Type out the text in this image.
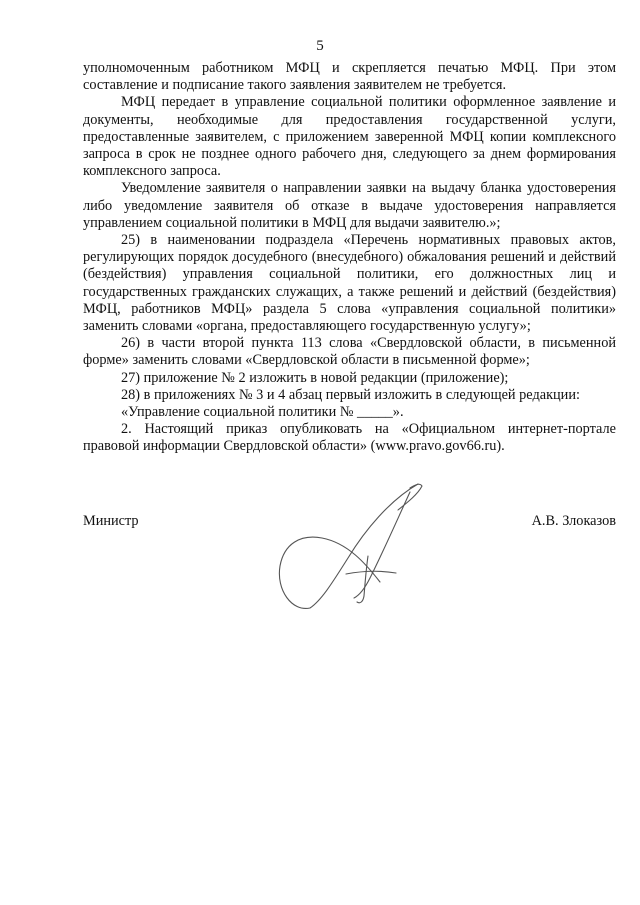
5

уполномоченным работником МФЦ и скрепляется печатью МФЦ. При этом составление и подписание такого заявления заявителем не требуется.

МФЦ передает в управление социальной политики оформленное заявление и документы, необходимые для предоставления государственной услуги, предоставленные заявителем, с приложением заверенной МФЦ копии комплексного запроса в срок не позднее одного рабочего дня, следующего за днем формирования комплексного запроса.

Уведомление заявителя о направлении заявки на выдачу бланка удостоверения либо уведомление заявителя об отказе в выдаче удостоверения направляется управлением социальной политики в МФЦ для выдачи заявителю.»;

25) в наименовании подраздела «Перечень нормативных правовых актов, регулирующих порядок досудебного (внесудебного) обжалования решений и действий (бездействия) управления социальной политики, его должностных лиц и государственных гражданских служащих, а также решений и действий (бездействия) МФЦ, работников МФЦ» раздела 5 слова «управления социальной политики» заменить словами «органа, предоставляющего государственную услугу»;

26) в части второй пункта 113 слова «Свердловской области, в письменной форме» заменить словами «Свердловской области в письменной форме»;

27) приложение № 2 изложить в новой редакции (приложение);

28) в приложениях № 3 и 4 абзац первый изложить в следующей редакции:

«Управление социальной политики № _____».

2. Настоящий приказ опубликовать на «Официальном интернет-портале правовой информации Свердловской области» (www.pravo.gov66.ru).

Министр	А.В. Злоказов
